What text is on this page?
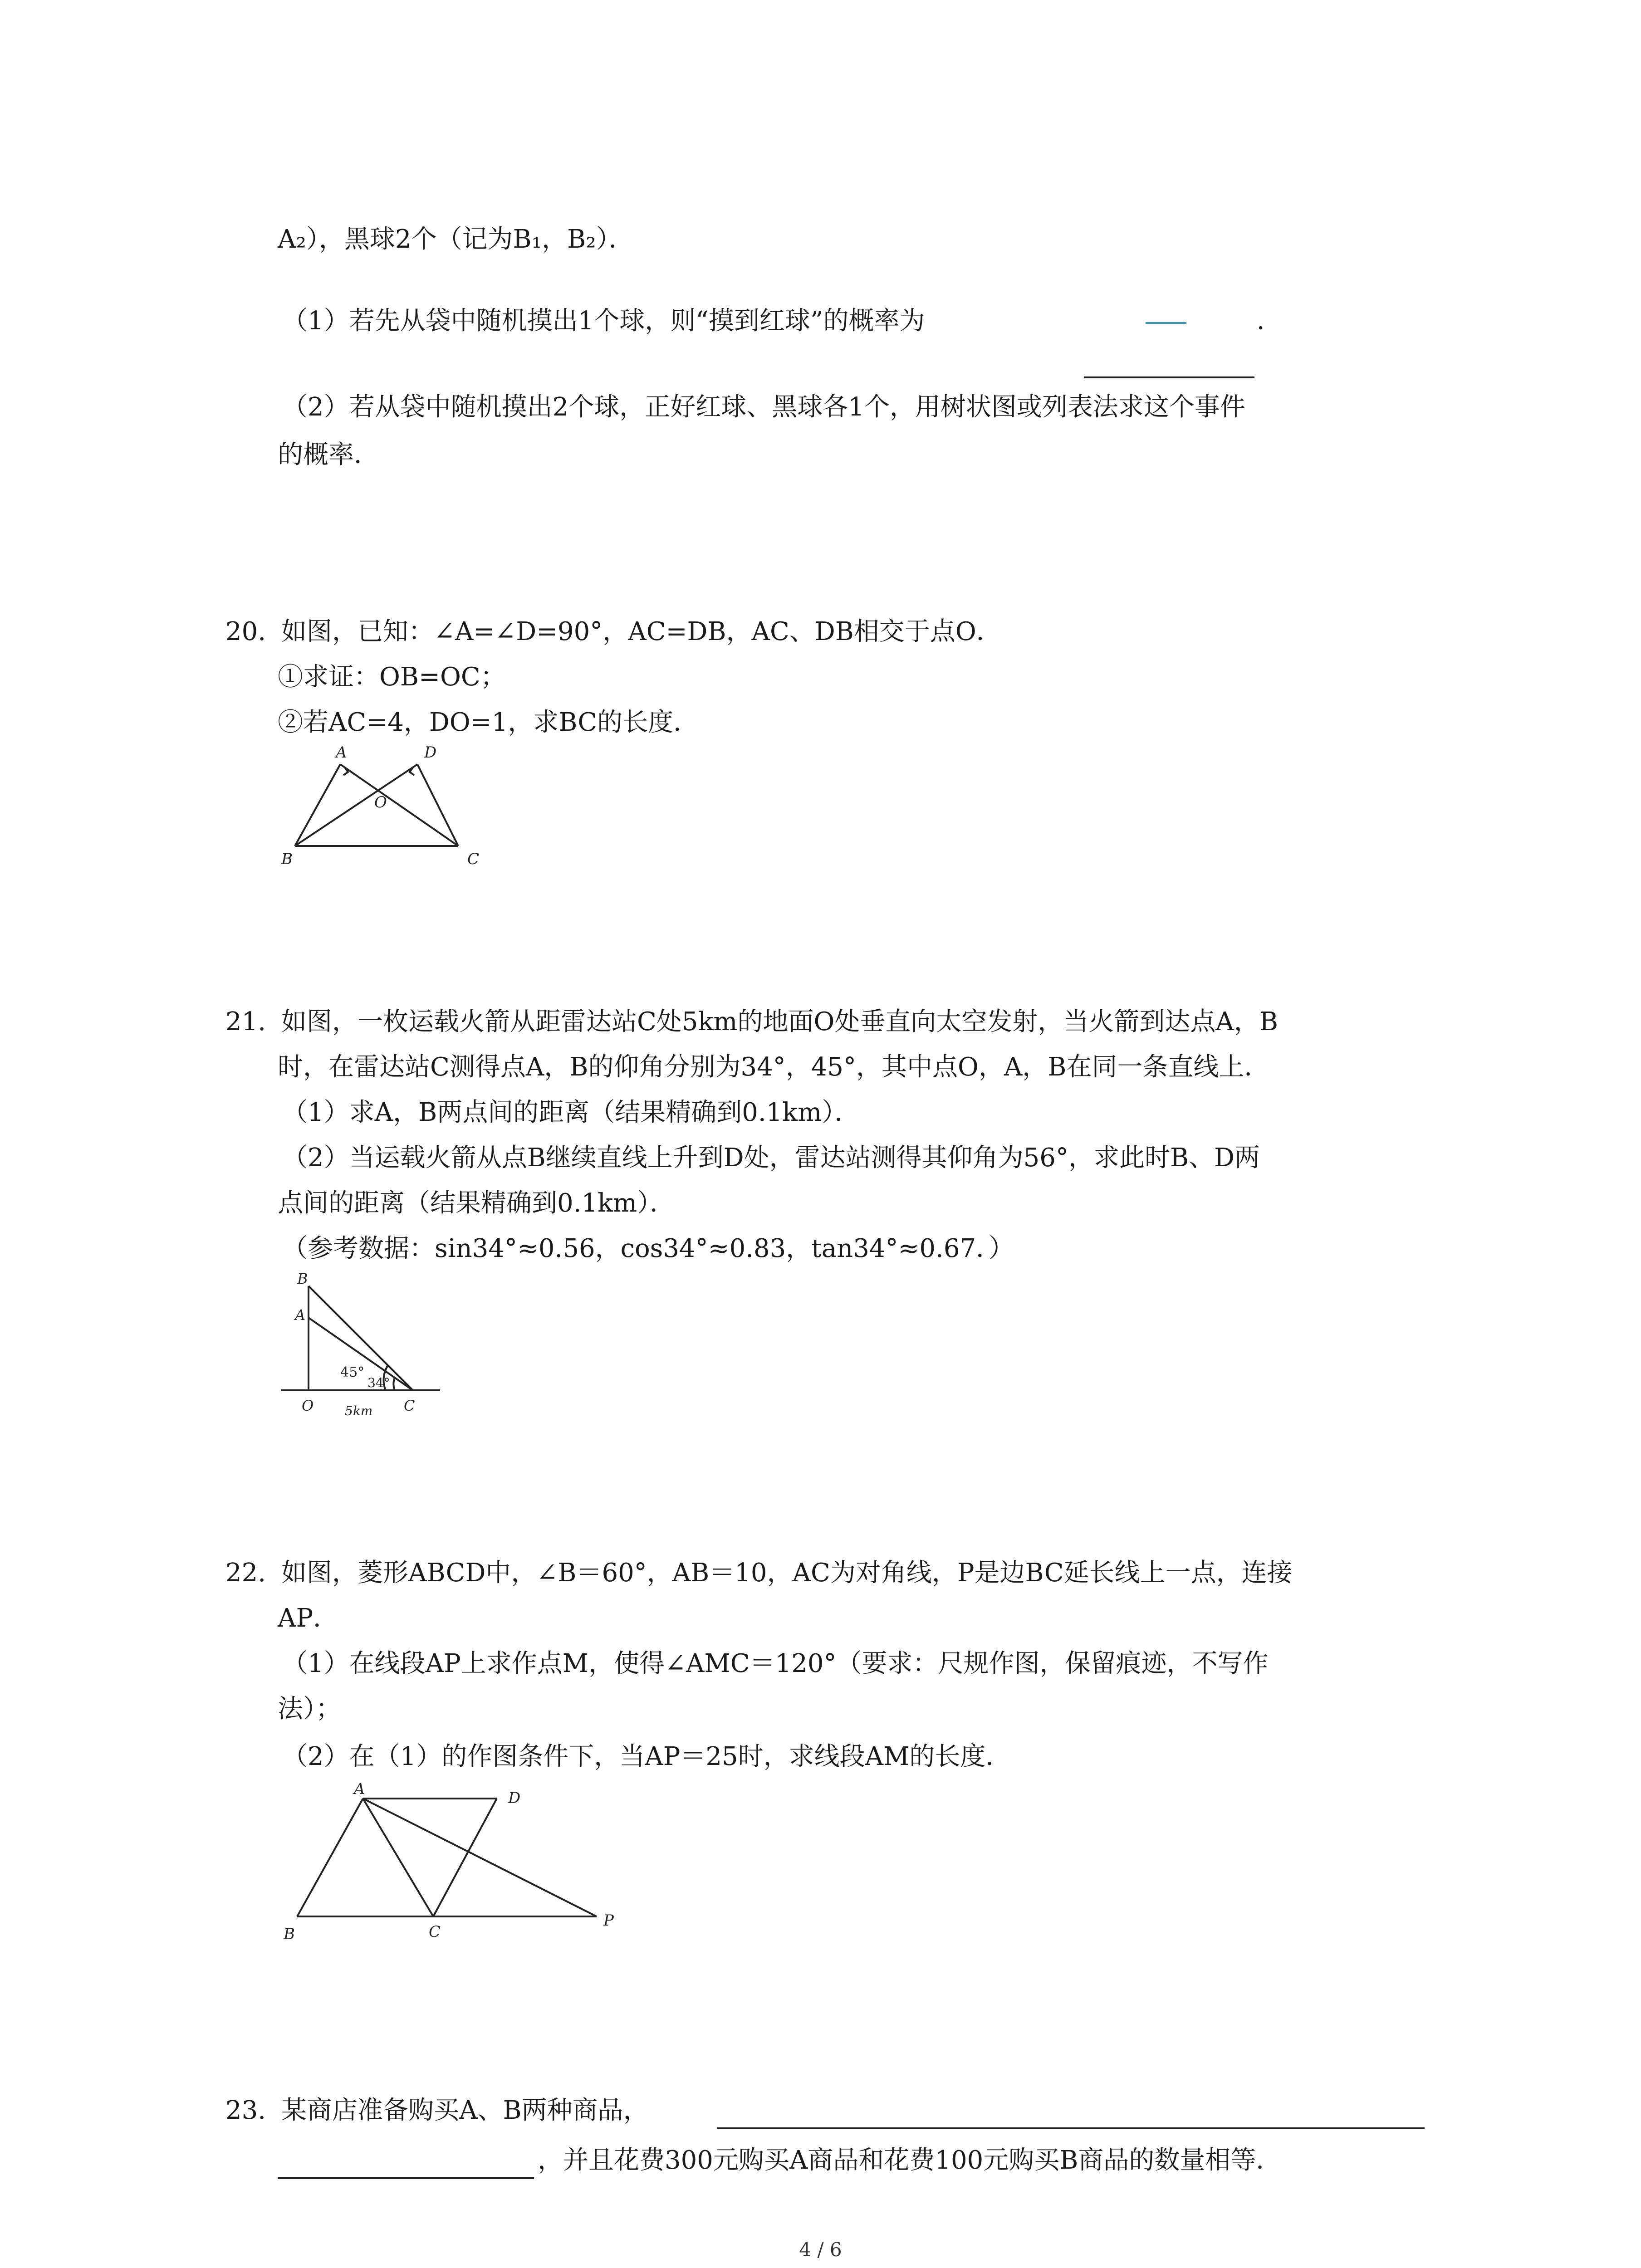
A₂），黑球2个（记为B₁，B₂）．
（1）若先从袋中随机摸出1个球，则“摸到红球”的概率为	．
（2）若从袋中随机摸出2个球，正好红球、黑球各1个，用树状图或列表法求这个事件
的概率．
20. 如图，已知：∠A=∠D=90°，AC=DB，AC、DB相交于点O．
①求证：OB=OC；
②若AC=4，DO=1，求BC的长度．
A	D
O
B	C
21. 如图，一枚运载火箭从距雷达站C处5km的地面O处垂直向太空发射，当火箭到达点A，B
时，在雷达站C测得点A，B的仰角分别为34°，45°，其中点O，A，B在同一条直线上．
（1）求A，B两点间的距离（结果精确到0.1km）．
（2）当运载火箭从点B继续直线上升到D处，雷达站测得其仰角为56°，求此时B、D两
点间的距离（结果精确到0.1km）．
（参考数据：sin34°≈0.56，cos34°≈0.83，tan34°≈0.67．）
B
A
45°
34°
O	C
5km
22. 如图，菱形ABCD中，∠B＝60°，AB＝10，AC为对角线，P是边BC延长线上一点，连接
AP．
（1）在线段AP上求作点M，使得∠AMC＝120°（要求：尺规作图，保留痕迹，不写作
法）；
（2）在（1）的作图条件下，当AP＝25时，求线段AM的长度．
A	D
B	C
P
23. 某商店准备购买A、B两种商品，
，并且花费300元购买A商品和花费100元购买B商品的数量相等．
4 / 6
